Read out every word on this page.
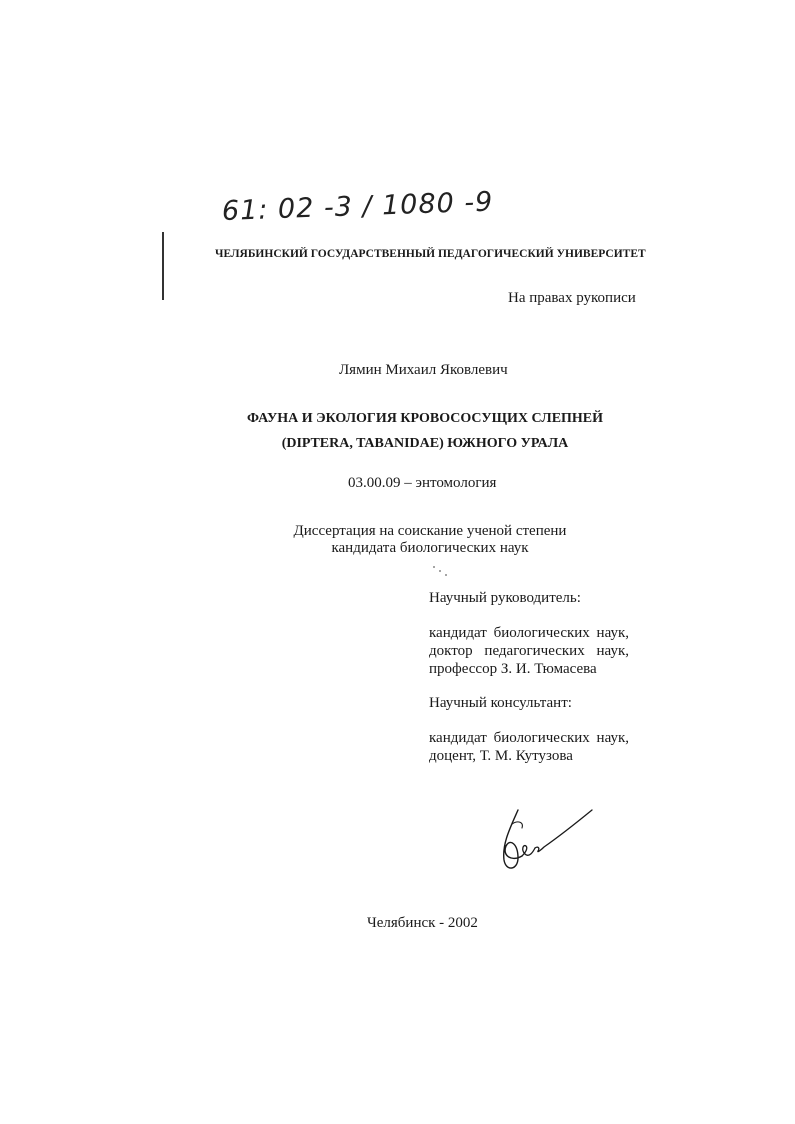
61: 02 -3 / 1080 -9
ЧЕЛЯБИНСКИЙ ГОСУДАРСТВЕННЫЙ ПЕДАГОГИЧЕСКИЙ УНИВЕРСИТЕТ
На правах рукописи
Лямин Михаил Яковлевич
ФАУНА И ЭКОЛОГИЯ КРОВОСОСУЩИХ СЛЕПНЕЙ
(DIPTERA, TABANIDAE) ЮЖНОГО УРАЛА
03.00.09 – энтомология
Диссертация на соискание ученой степени
кандидата биологических наук
Научный руководитель:
кандидат биологических наук,
доктор педагогических наук,
профессор З. И. Тюмасева
Научный консультант:
кандидат биологических наук,
доцент, Т. М. Кутузова
Челябинск - 2002
